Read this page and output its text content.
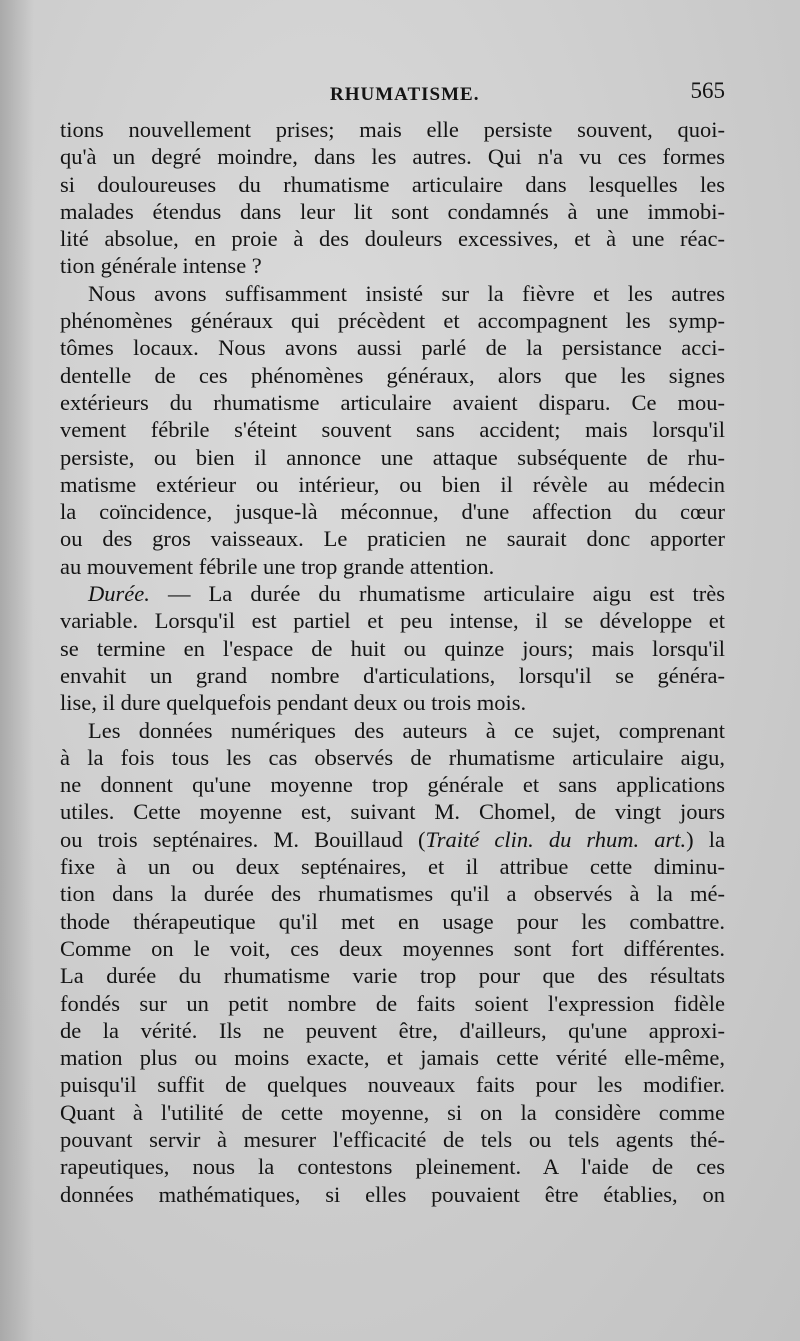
RHUMATISME.	565
tions nouvellement prises; mais elle persiste souvent, quoi-
qu'à un degré moindre, dans les autres. Qui n'a vu ces formes
si douloureuses du rhumatisme articulaire dans lesquelles les
malades étendus dans leur lit sont condamnés à une immobi-
lité absolue, en proie à des douleurs excessives, et à une réac-
tion générale intense ?
Nous avons suffisamment insisté sur la fièvre et les autres
phénomènes généraux qui précèdent et accompagnent les symp-
tômes locaux. Nous avons aussi parlé de la persistance acci-
dentelle de ces phénomènes généraux, alors que les signes
extérieurs du rhumatisme articulaire avaient disparu. Ce mou-
vement fébrile s'éteint souvent sans accident; mais lorsqu'il
persiste, ou bien il annonce une attaque subséquente de rhu-
matisme extérieur ou intérieur, ou bien il révèle au médecin
la coïncidence, jusque-là méconnue, d'une affection du cœur
ou des gros vaisseaux. Le praticien ne saurait donc apporter
au mouvement fébrile une trop grande attention.
Durée. — La durée du rhumatisme articulaire aigu est très
variable. Lorsqu'il est partiel et peu intense, il se développe et
se termine en l'espace de huit ou quinze jours; mais lorsqu'il
envahit un grand nombre d'articulations, lorsqu'il se généra-
lise, il dure quelquefois pendant deux ou trois mois.
Les données numériques des auteurs à ce sujet, comprenant
à la fois tous les cas observés de rhumatisme articulaire aigu,
ne donnent qu'une moyenne trop générale et sans applications
utiles. Cette moyenne est, suivant M. Chomel, de vingt jours
ou trois septénaires. M. Bouillaud (Traité clin. du rhum. art.) la
fixe à un ou deux septénaires, et il attribue cette diminu-
tion dans la durée des rhumatismes qu'il a observés à la mé-
thode thérapeutique qu'il met en usage pour les combattre.
Comme on le voit, ces deux moyennes sont fort différentes.
La durée du rhumatisme varie trop pour que des résultats
fondés sur un petit nombre de faits soient l'expression fidèle
de la vérité. Ils ne peuvent être, d'ailleurs, qu'une approxi-
mation plus ou moins exacte, et jamais cette vérité elle-même,
puisqu'il suffit de quelques nouveaux faits pour les modifier.
Quant à l'utilité de cette moyenne, si on la considère comme
pouvant servir à mesurer l'efficacité de tels ou tels agents thé-
rapeutiques, nous la contestons pleinement. A l'aide de ces
données mathématiques, si elles pouvaient être établies, on
